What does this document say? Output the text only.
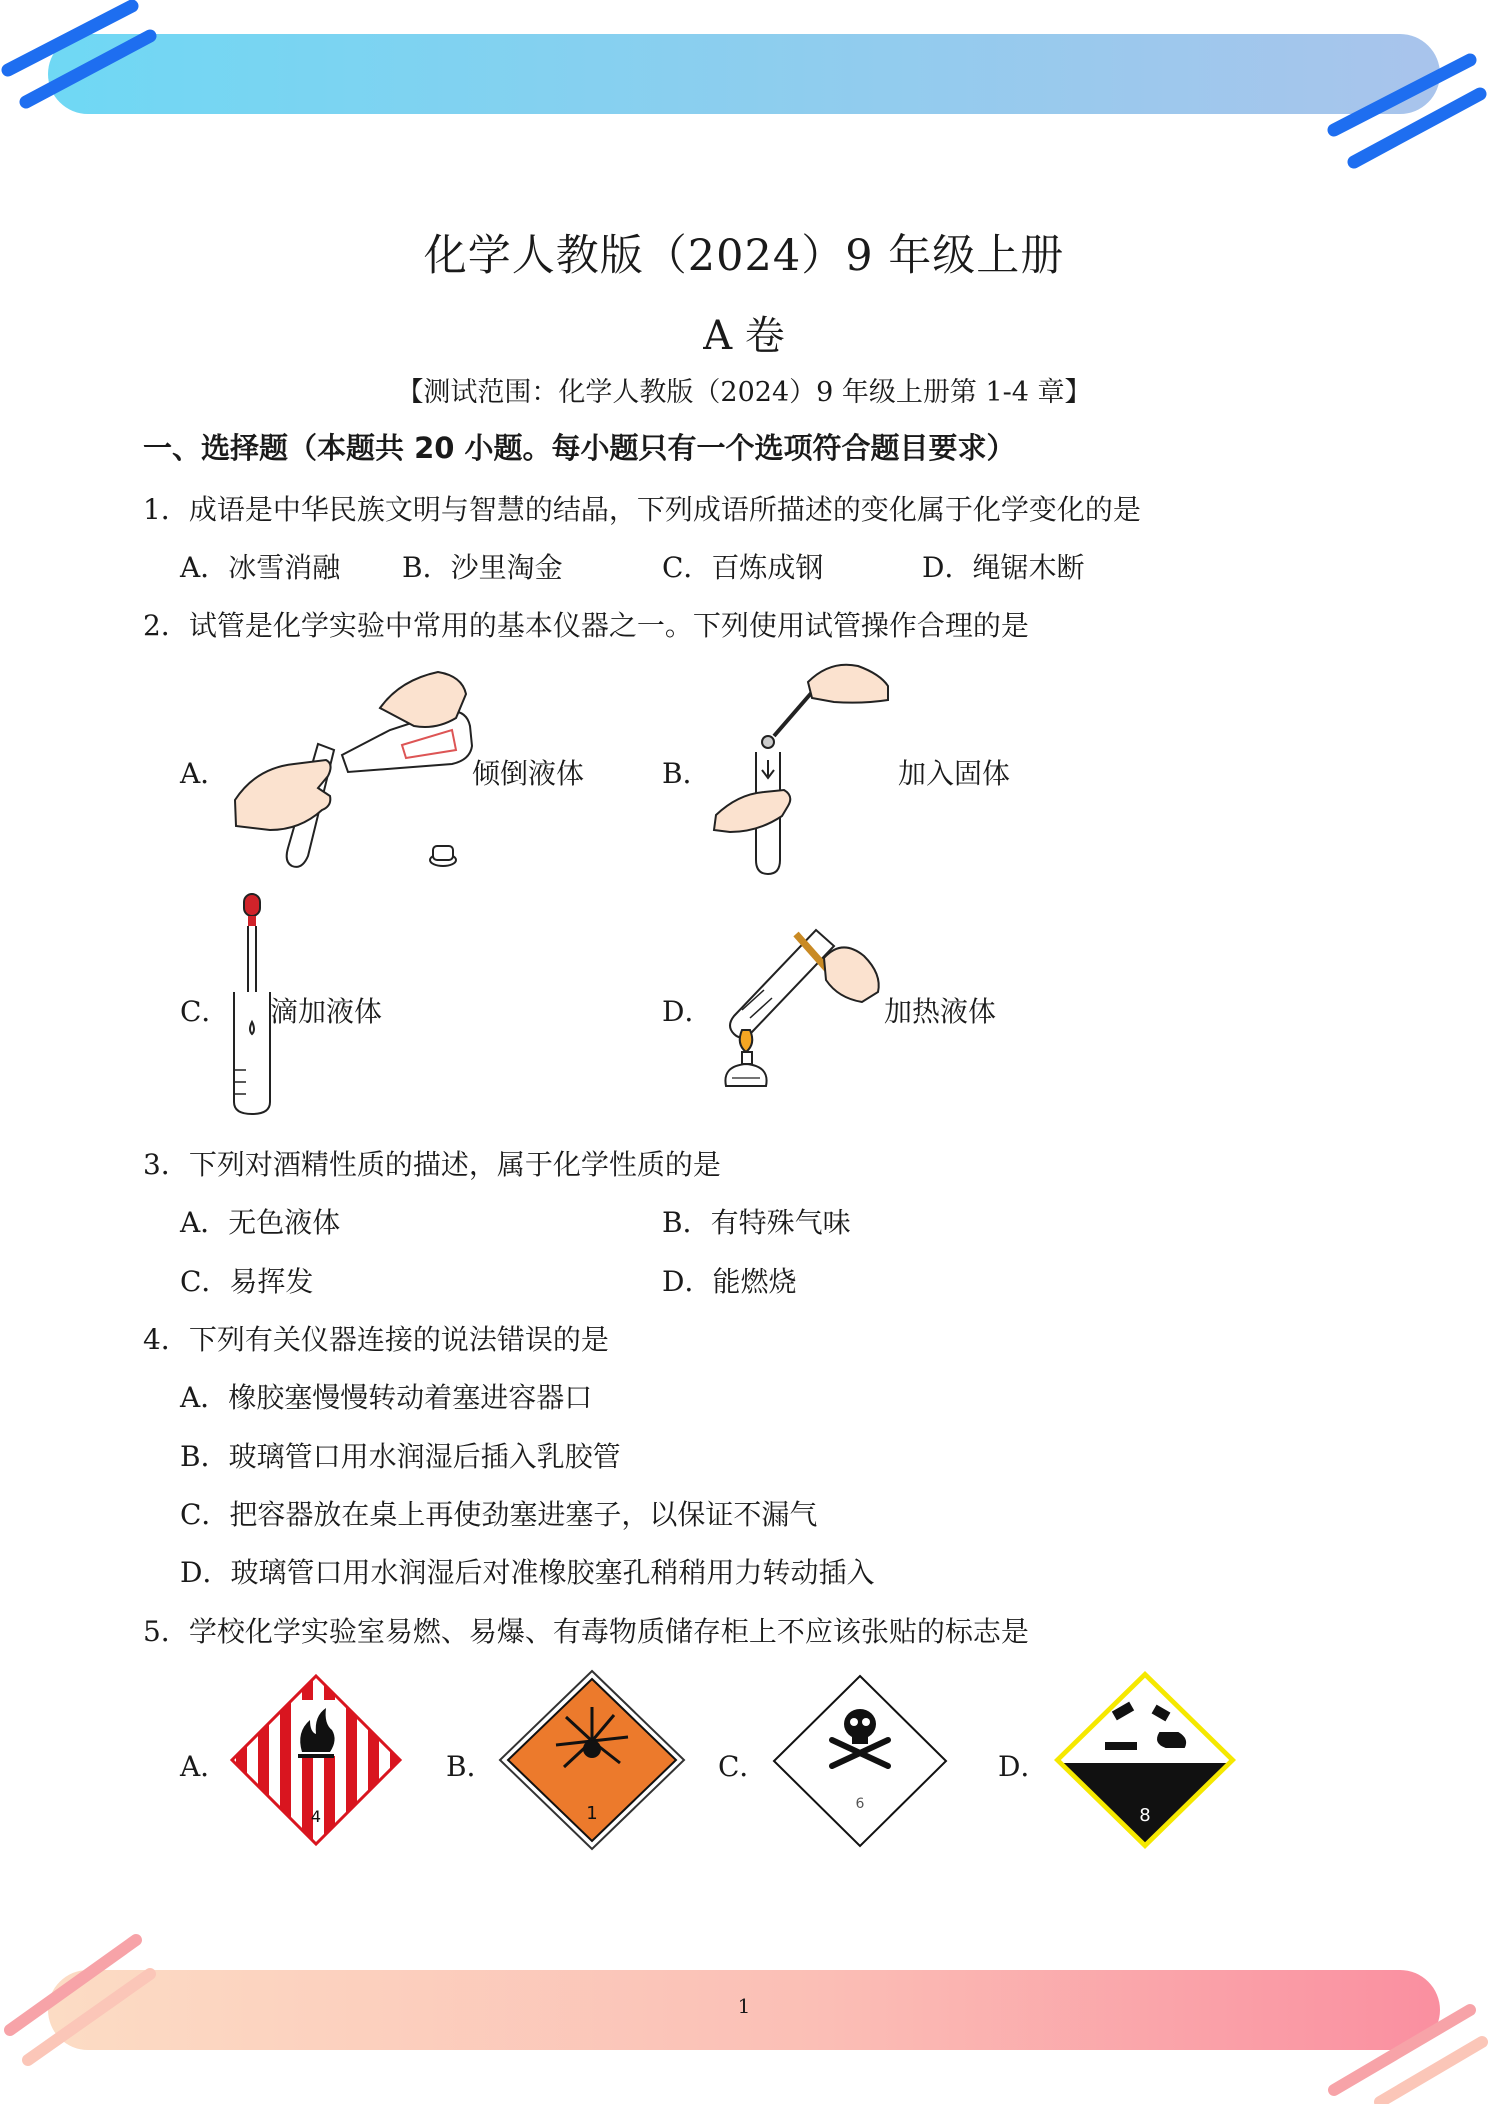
化学人教版（2024）9 年级上册
A 卷
【测试范围：化学人教版（2024）9 年级上册第 1-4 章】
一、选择题（本题共 20 小题。每小题只有一个选项符合题目要求）
1．成语是中华民族文明与智慧的结晶，下列成语所描述的变化属于化学变化的是
A．冰雪消融 B．沙里淘金	C．百炼成钢	D．绳锯木断
2．试管是化学实验中常用的基本仪器之一。下列使用试管操作合理的是
A．	倾倒液体	B．	加入固体
C． 滴加液体	D．	加热液体
3．下列对酒精性质的描述，属于化学性质的是
A．无色液体	B．有特殊气味
C．易挥发	D．能燃烧
4．下列有关仪器连接的说法错误的是
A．橡胶塞慢慢转动着塞进容器口
B．玻璃管口用水润湿后插入乳胶管
C．把容器放在桌上再使劲塞进塞子，以保证不漏气
D．玻璃管口用水润湿后对准橡胶塞孔稍稍用力转动插入
5．学校化学实验室易燃、易爆、有毒物质储存柜上不应该张贴的标志是
A．
4
B．
1
C．
6
D．
8
1
